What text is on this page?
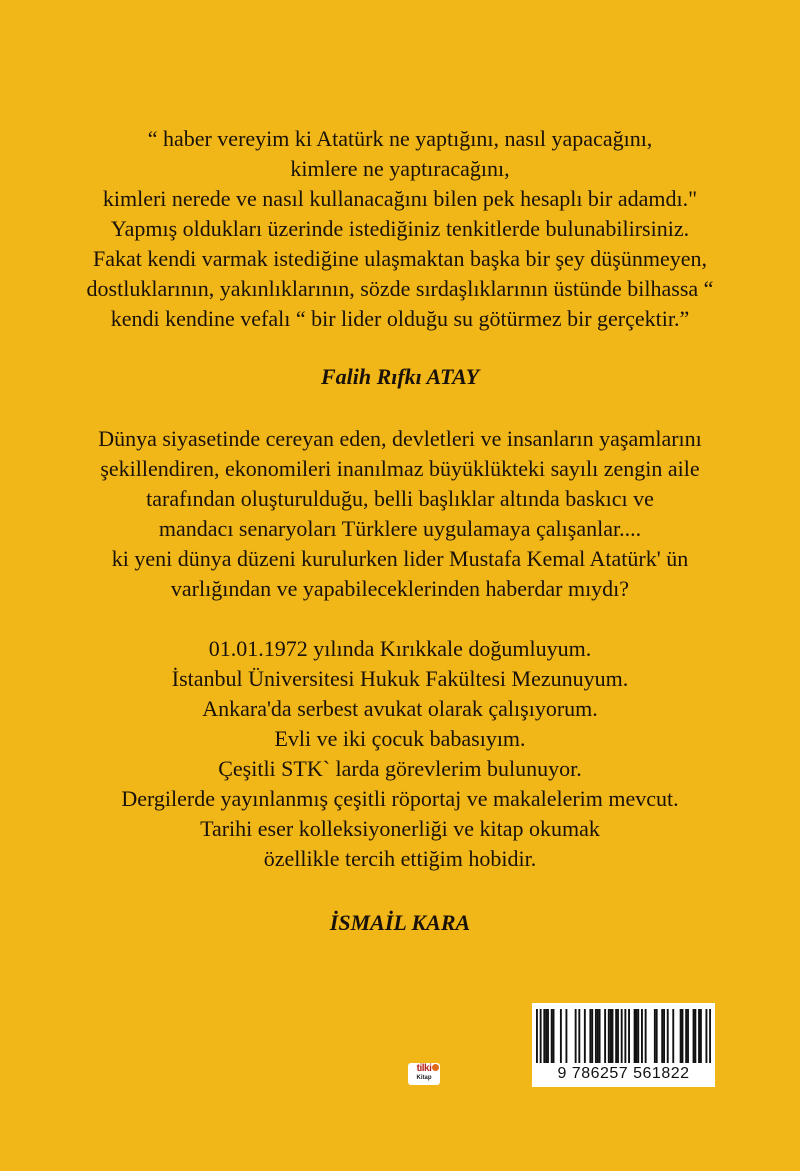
“ haber vereyim ki Atatürk ne yaptığını, nasıl yapacağını,
kimlere ne yaptıracağını,
kimleri nerede ve nasıl kullanacağını bilen pek hesaplı bir adamdı."
Yapmış oldukları üzerinde istediğiniz tenkitlerde bulunabilirsiniz.
Fakat kendi varmak istediğine ulaşmaktan başka bir şey düşünmeyen,
dostluklarının, yakınlıklarının, sözde sırdaşlıklarının üstünde bilhassa “
kendi kendine vefalı “ bir lider olduğu su götürmez bir gerçektir.”
Falih Rıfkı ATAY
Dünya siyasetinde cereyan eden, devletleri ve insanların yaşamlarını
şekillendiren, ekonomileri inanılmaz büyüklükteki sayılı zengin aile
tarafından oluşturulduğu, belli başlıklar altında baskıcı ve
mandacı senaryoları Türklere uygulamaya çalışanlar....
ki yeni dünya düzeni kurulurken lider Mustafa Kemal Atatürk' ün
varlığından ve yapabileceklerinden haberdar mıydı?
01.01.1972 yılında Kırıkkale doğumluyum.
İstanbul Üniversitesi Hukuk Fakültesi Mezunuyum.
Ankara'da serbest avukat olarak çalışıyorum.
Evli ve iki çocuk babasıyım.
Çeşitli STK` larda görevlerim bulunuyor.
Dergilerde yayınlanmış çeşitli röportaj ve makalelerim mevcut.
Tarihi eser kolleksiyonerliği ve kitap okumak
özellikle tercih ettiğim hobidir.
İSMAİL KARA
tilki
Kitap	9 786257 561822
